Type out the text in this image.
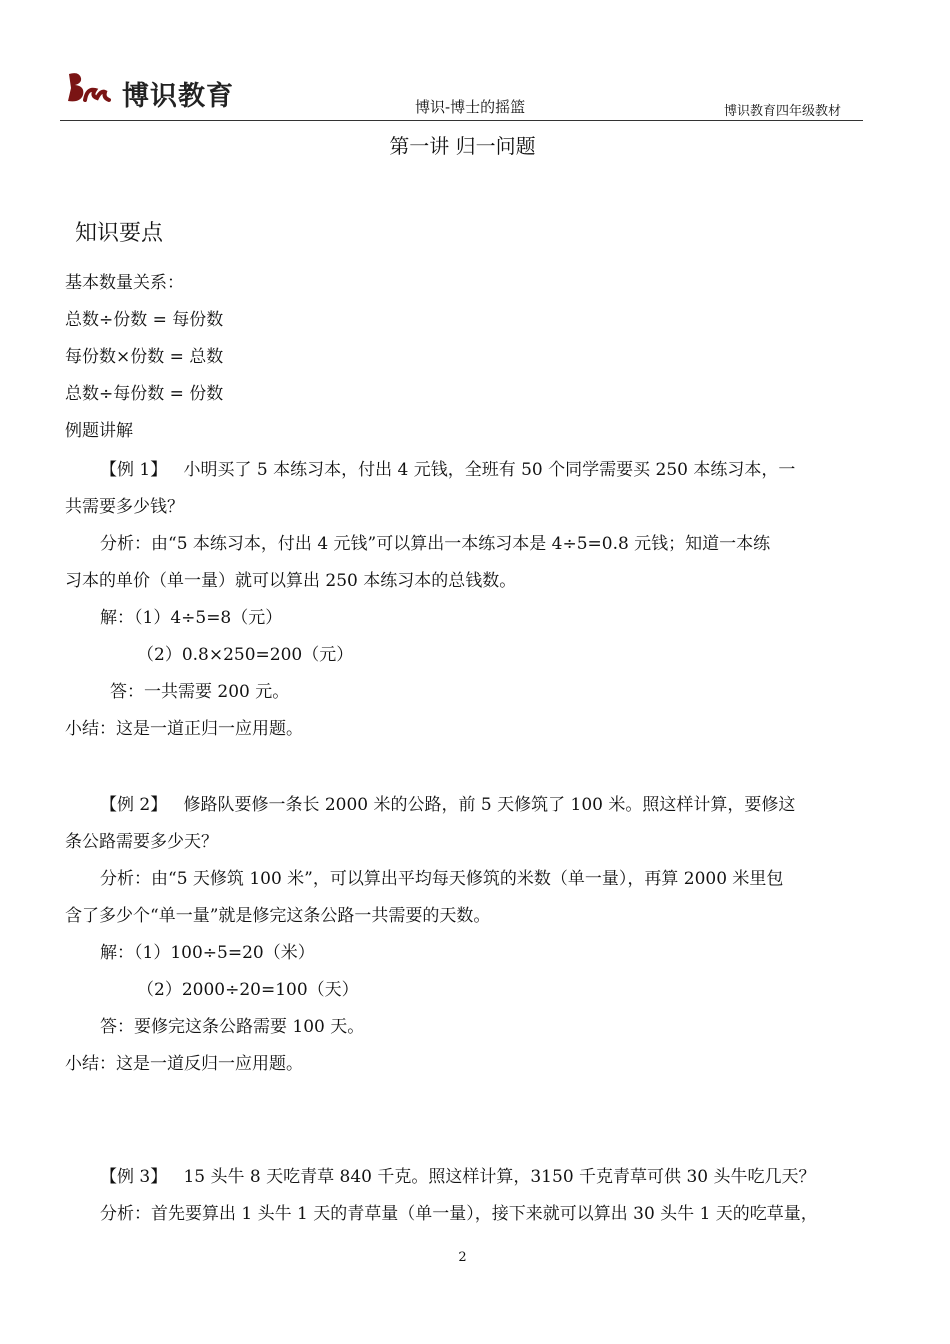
博识教育	博识-博士的摇篮	博识教育四年级教材
第一讲 归一问题
知识要点
基本数量关系：
总数÷份数 = 每份数
每份数×份数 = 总数
总数÷每份数 = 份数
例题讲解
【例 1】 小明买了 5 本练习本，付出 4 元钱，全班有 50 个同学需要买 250 本练习本，一
共需要多少钱？
分析：由“5 本练习本，付出 4 元钱”可以算出一本练习本是 4÷5=0.8 元钱；知道一本练
习本的单价（单一量）就可以算出 250 本练习本的总钱数。
解：（1）4÷5=8（元）
（2）0.8×250=200（元）
答：一共需要 200 元。
小结：这是一道正归一应用题。
【例 2】 修路队要修一条长 2000 米的公路，前 5 天修筑了 100 米。照这样计算，要修这
条公路需要多少天？
分析：由“5 天修筑 100 米”，可以算出平均每天修筑的米数（单一量），再算 2000 米里包
含了多少个“单一量”就是修完这条公路一共需要的天数。
解：（1）100÷5=20（米）
（2）2000÷20=100（天）
答：要修完这条公路需要 100 天。
小结：这是一道反归一应用题。
【例 3】 15 头牛 8 天吃青草 840 千克。照这样计算，3150 千克青草可供 30 头牛吃几天？
分析：首先要算出 1 头牛 1 天的青草量（单一量），接下来就可以算出 30 头牛 1 天的吃草量，
2
